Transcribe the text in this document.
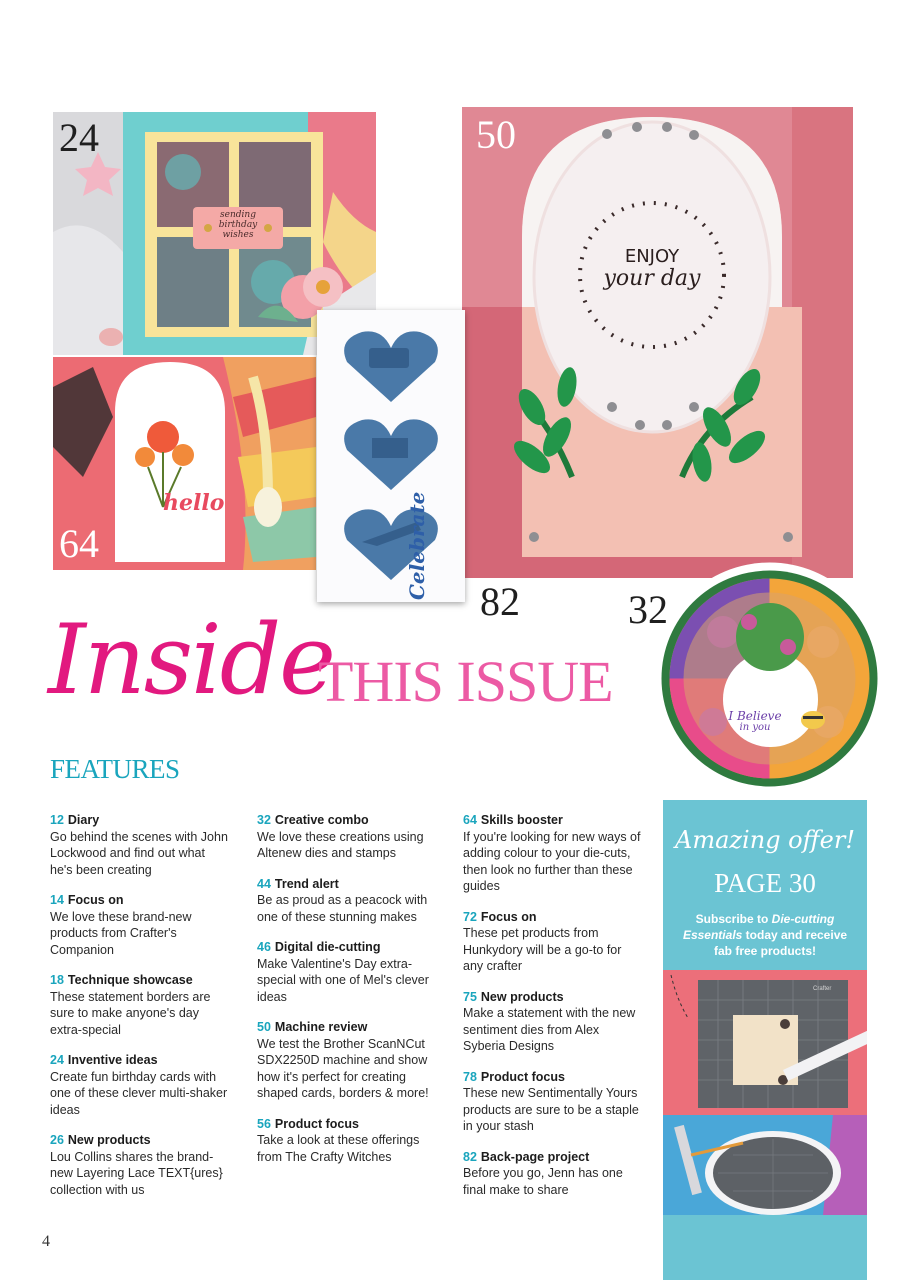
24
sending
birthday
wishes
64
hello
50
ENJOY
your day
Celebrate
82	32
I Believe
in you
Inside
THIS ISSUE
FEATURES
12 Diary
Go behind the scenes with John Lockwood and find out what he's been creating
14 Focus on
We love these brand-new products from Crafter's Companion
18 Technique showcase
These statement borders are sure to make anyone's day extra-special
24 Inventive ideas
Create fun birthday cards with one of these clever multi-shaker ideas
26 New products
Lou Collins shares the brand-new Layering Lace TEXT{ures} collection with us
32 Creative combo
We love these creations using Altenew dies and stamps
44 Trend alert
Be as proud as a peacock with one of these stunning makes
46 Digital die-cutting
Make Valentine's Day extra-special with one of Mel's clever ideas
50 Machine review
We test the Brother ScanNCut SDX2250D machine and show how it's perfect for creating shaped cards, borders & more!
56 Product focus
Take a look at these offerings from The Crafty Witches
64 Skills booster
If you're looking for new ways of adding colour to your die-cuts, then look no further than these guides
72 Focus on
These pet products from Hunkydory will be a go-to for any crafter
75 New products
Make a statement with the new sentiment dies from Alex Syberia Designs
78 Product focus
These new Sentimentally Yours products are sure to be a staple in your stash
82 Back-page project
Before you go, Jenn has one final make to share
Amazing offer!
PAGE 30
Subscribe to Die-cutting Essentials today and receive fab free products!
Crafter
4
